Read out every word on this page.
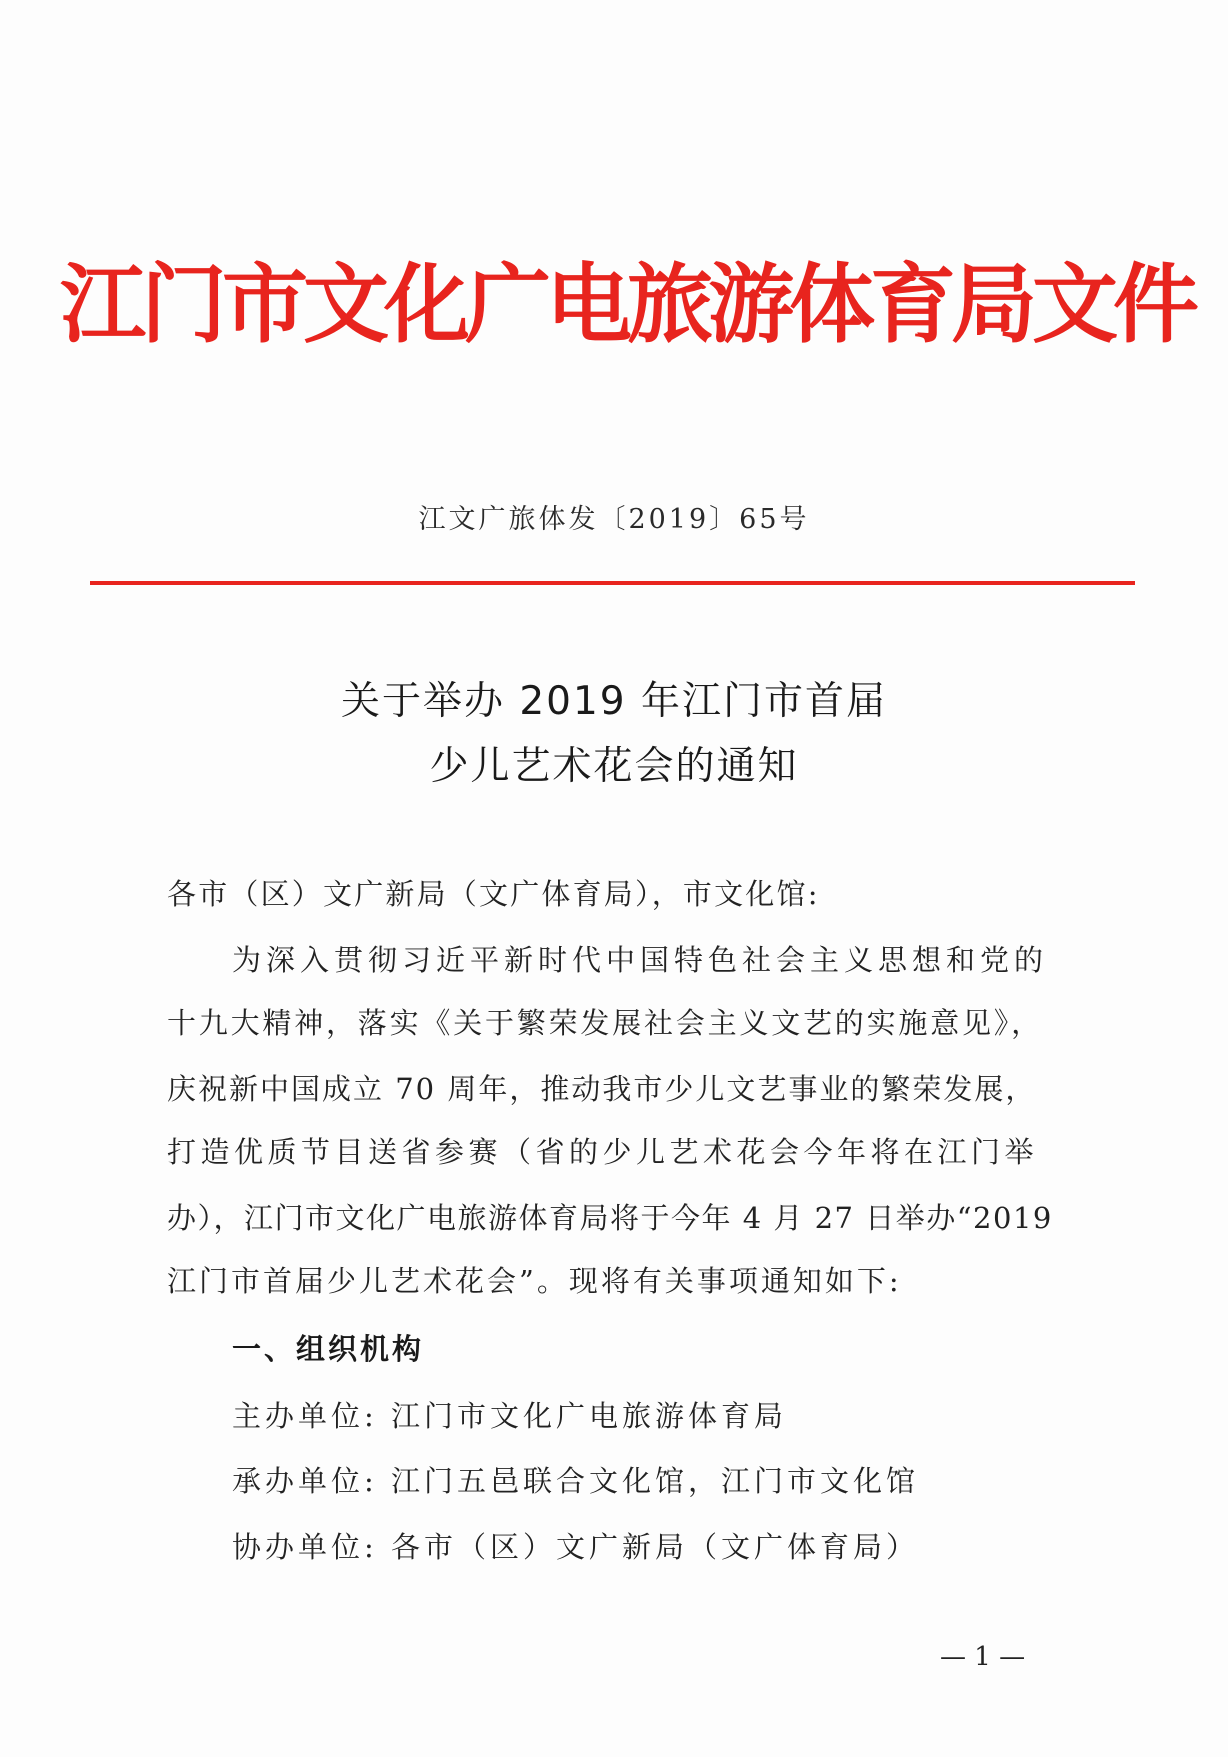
江门市文化广电旅游体育局文件
江文广旅体发〔2019〕65号
关于举办 2019 年江门市首届
少儿艺术花会的通知
各市（区）文广新局（文广体育局），市文化馆:
为深入贯彻习近平新时代中国特色社会主义思想和党的
十九大精神，落实《关于繁荣发展社会主义文艺的实施意见》，
庆祝新中国成立 70 周年，推动我市少儿文艺事业的繁荣发展，
打造优质节目送省参赛（省的少儿艺术花会今年将在江门举
办），江门市文化广电旅游体育局将于今年 4 月 27 日举办“2019
江门市首届少儿艺术花会”。现将有关事项通知如下:
一、组织机构
主办单位: 江门市文化广电旅游体育局
承办单位: 江门五邑联合文化馆，江门市文化馆
协办单位: 各市（区）文广新局（文广体育局）
— 1 —
